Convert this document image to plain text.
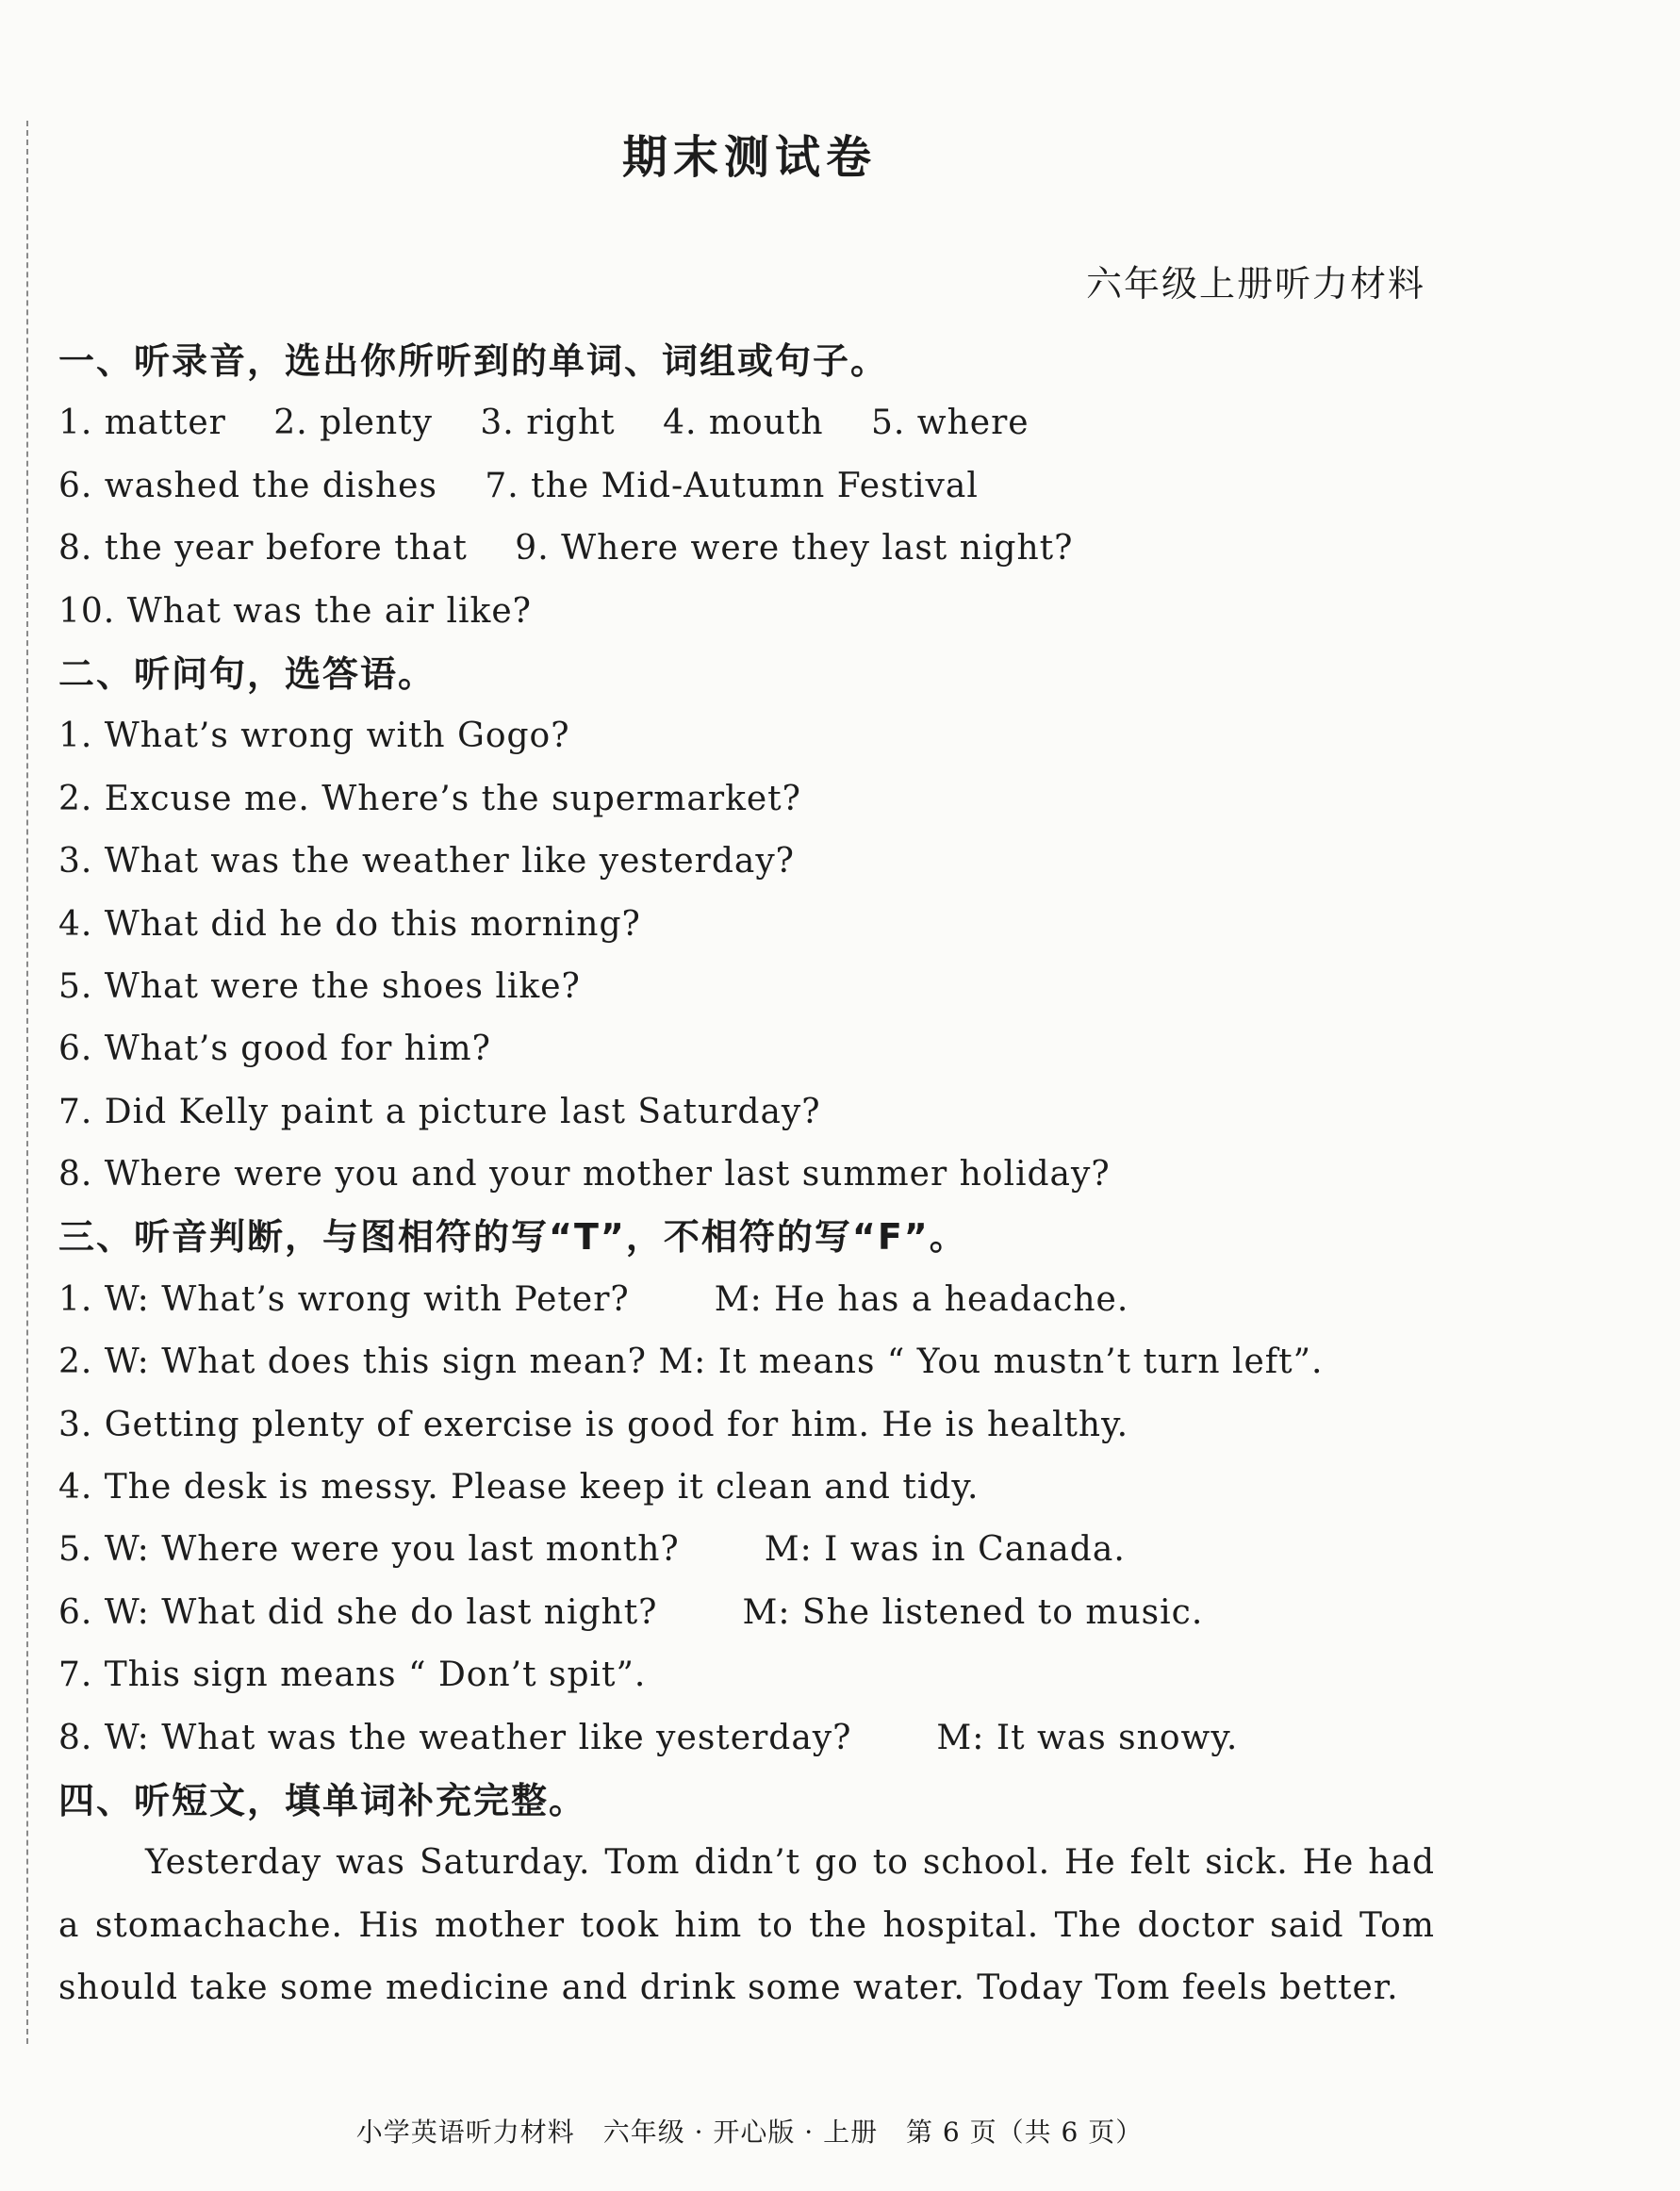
期末测试卷
六年级上册听力材料
一、听录音，选出你所听到的单词、词组或句子。
1. matter 2. plenty 3. right 4. mouth 5. where
6. washed the dishes 7. the Mid-Autumn Festival
8. the year before that 9. Where were they last night?
10. What was the air like?
二、听问句，选答语。
1. What’s wrong with Gogo?
2. Excuse me. Where’s the supermarket?
3. What was the weather like yesterday?
4. What did he do this morning?
5. What were the shoes like?
6. What’s good for him?
7. Did Kelly paint a picture last Saturday?
8. Where were you and your mother last summer holiday?
三、听音判断，与图相符的写“T”，不相符的写“F”。
1. W: What’s wrong with Peter?	M: He has a headache.
2. W: What does this sign mean? M: It means “ You mustn’t turn left”.
3. Getting plenty of exercise is good for him. He is healthy.
4. The desk is messy. Please keep it clean and tidy.
5. W: Where were you last month?	M: I was in Canada.
6. W: What did she do last night?	M: She listened to music.
7. This sign means “ Don’t spit”.
8. W: What was the weather like yesterday?	M: It was snowy.
四、听短文，填单词补充完整。
Yesterday was Saturday. Tom didn’t go to school. He felt sick. He had a stomachache. His mother took him to the hospital. The doctor said Tom should take some medicine and drink some water. Today Tom feels better.
小学英语听力材料 六年级 · 开心版 · 上册 第 6 页（共 6 页）
